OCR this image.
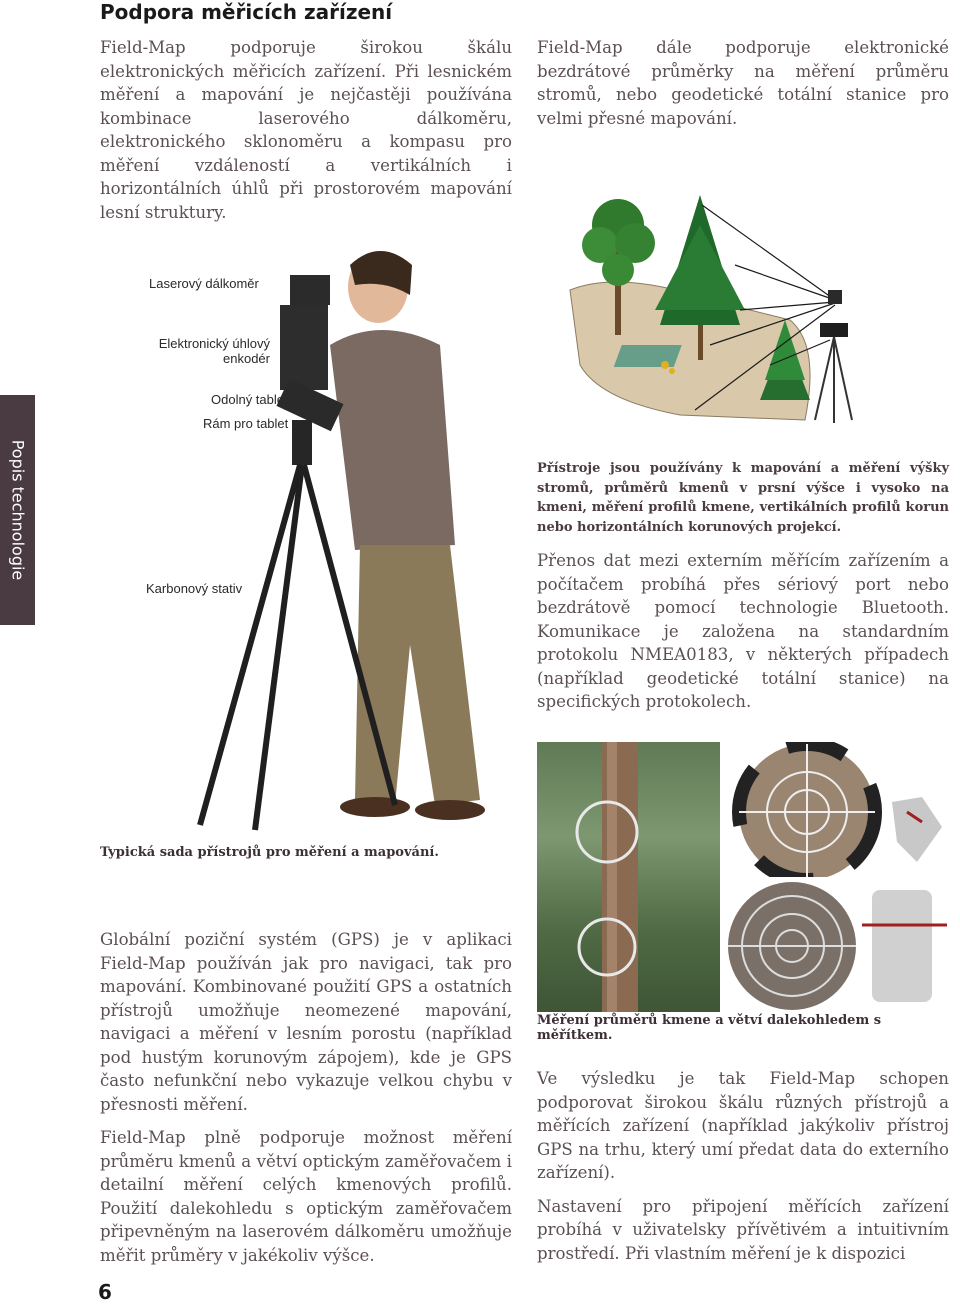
Podpora měřicích zařízení

Field-Map podporuje širokou škálu elektronických měřicích zařízení. Při lesnickém měření a mapování je nejčastěji používána kombinace laserového dálkoměru, elektronického sklonoměru a kompasu pro měření vzdáleností a vertikálních i horizontálních úhlů při prostorovém mapování lesní struktury.

Field-Map dále podporuje elektronické bezdrátové průměrky na měření průměru stromů, nebo geodetické totální stanice pro velmi přesné mapování.

Laserový dálkoměr
Elektronický úhlový enkodér
Odolný tablet
Rám pro tablet
Karbonový stativ
Popis technologie	Přístroje jsou používány k mapování a měření výšky stromů, průměrů kmenů v prsní výšce i vysoko na kmeni, měření profilů kmene, vertikálních profilů korun nebo horizontálních korunových projekcí.

Přenos dat mezi externím měřícím zařízením a počítačem probíhá přes sériový port nebo bezdrátově pomocí technologie Bluetooth. Komunikace je založena na standardním protokolu NMEA0183, v některých případech (například geodetické totální stanice) na specifických protokolech.

Typická sada přístrojů pro měření a mapování.
Měření průměrů kmene a větví dalekohledem s měřítkem.

Globální poziční systém (GPS) je v aplikaci Field-Map používán jak pro navigaci, tak pro mapování. Kombinované použití GPS a ostatních přístrojů umožňuje neomezené mapování, navigaci a měření v lesním porostu (například pod hustým korunovým zápojem), kde je GPS často nefunkční nebo vykazuje velkou chybu v přesnosti měření.

Field-Map plně podporuje možnost měření průměru kmenů a větví optickým zaměřovačem i detailní měření celých kmenových profilů. Použití dalekohledu s optickým zaměřovačem připevněným na laserovém dálkoměru umožňuje měřit průměry v jakékoliv výšce.

Ve výsledku je tak Field-Map schopen podporovat širokou škálu různých přístrojů a měřících zařízení (například jakýkoliv přístroj GPS na trhu, který umí předat data do externího zařízení).

Nastavení pro připojení měřících zařízení probíhá v uživatelsky přívětivém a intuitivním prostředí. Při vlastním měření je k dispozici

6
